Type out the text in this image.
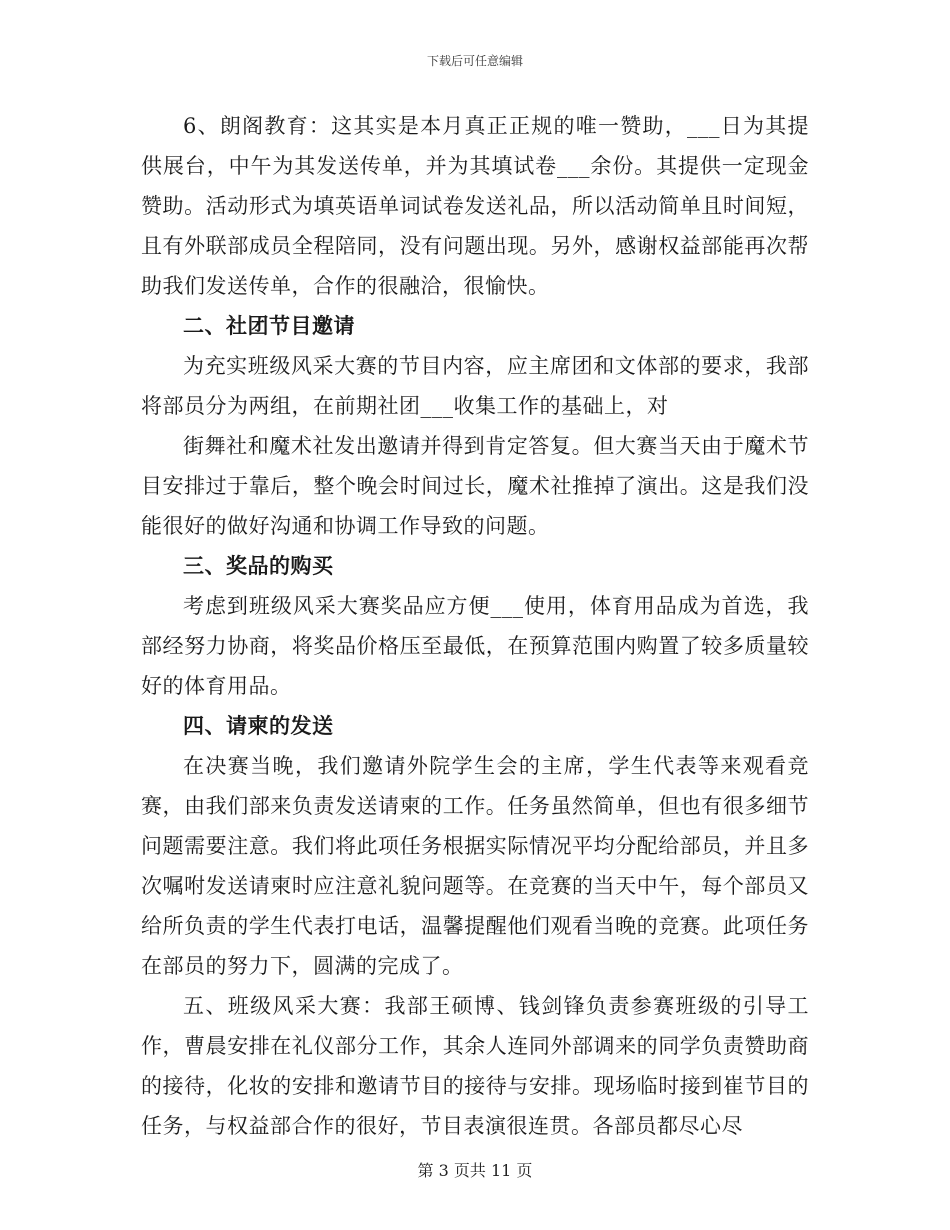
下载后可任意编辑

6、朗阁教育：这其实是本月真正正规的唯一赞助，___日为其提供展台，中午为其发送传单，并为其填试卷___余份。其提供一定现金赞助。活动形式为填英语单词试卷发送礼品，所以活动简单且时间短，且有外联部成员全程陪同，没有问题出现。另外，感谢权益部能再次帮助我们发送传单，合作的很融洽，很愉快。

二、社团节目邀请

为充实班级风采大赛的节目内容，应主席团和文体部的要求，我部将部员分为两组，在前期社团___收集工作的基础上，对

街舞社和魔术社发出邀请并得到肯定答复。但大赛当天由于魔术节目安排过于靠后，整个晚会时间过长，魔术社推掉了演出。这是我们没能很好的做好沟通和协调工作导致的问题。

三、奖品的购买

考虑到班级风采大赛奖品应方便___使用，体育用品成为首选，我部经努力协商，将奖品价格压至最低，在预算范围内购置了较多质量较好的体育用品。

四、请柬的发送

在决赛当晚，我们邀请外院学生会的主席，学生代表等来观看竞赛，由我们部来负责发送请柬的工作。任务虽然简单，但也有很多细节问题需要注意。我们将此项任务根据实际情况平均分配给部员，并且多次嘱咐发送请柬时应注意礼貌问题等。在竞赛的当天中午，每个部员又给所负责的学生代表打电话，温馨提醒他们观看当晚的竞赛。此项任务在部员的努力下，圆满的完成了。

五、班级风采大赛：我部王硕博、钱剑锋负责参赛班级的引导工作，曹晨安排在礼仪部分工作，其余人连同外部调来的同学负责赞助商的接待，化妆的安排和邀请节目的接待与安排。现场临时接到崔节目的任务，与权益部合作的很好，节目表演很连贯。各部员都尽心尽

第 3 页共 11 页
